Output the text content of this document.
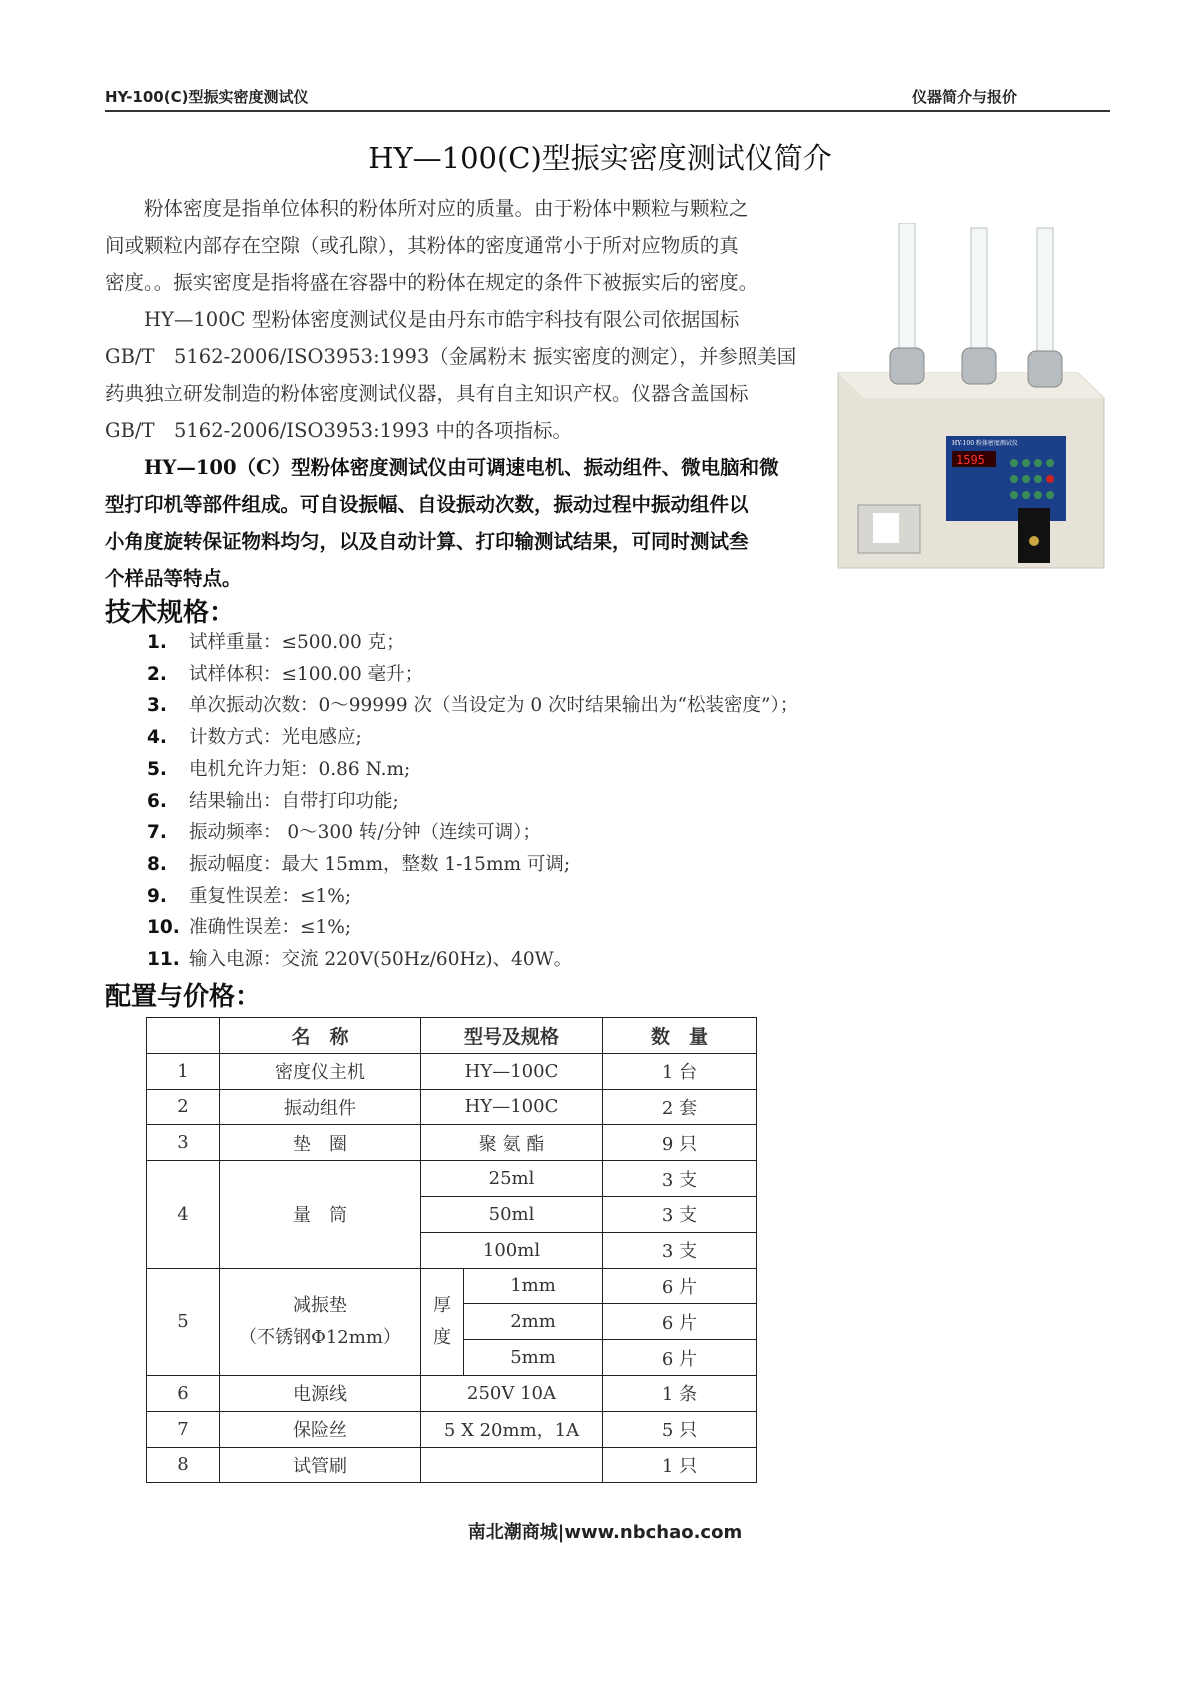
HY-100(C)型振实密度测试仪	仪器简介与报价
HY—100(C)型振实密度测试仪简介
　　粉体密度是指单位体积的粉体所对应的质量。由于粉体中颗粒与颗粒之
间或颗粒内部存在空隙（或孔隙），其粉体的密度通常小于所对应物质的真
密度。。振实密度是指将盛在容器中的粉体在规定的条件下被振实后的密度。
　　HY—100C 型粉体密度测试仪是由丹东市皓宇科技有限公司依据国标
GB/T　5162-2006/ISO3953:1993（金属粉末 振实密度的测定），并参照美国
药典独立研发制造的粉体密度测试仪器，具有自主知识产权。仪器含盖国标
GB/T　5162-2006/ISO3953:1993 中的各项指标。
　　HY—100（C）型粉体密度测试仪由可调速电机、振动组件、微电脑和微
型打印机等部件组成。可自设振幅、自设振动次数，振动过程中振动组件以
小角度旋转保证物料均匀，以及自动计算、打印输测试结果，可同时测试叁
个样品等特点。
HY-100 粉体密度测试仪
1595
技术规格：
1. 试样重量：≤500.00 克；
2. 试样体积：≤100.00 毫升；
3. 单次振动次数：0～99999 次（当设定为 0 次时结果输出为“松装密度”）；
4. 计数方式：光电感应;
5. 电机允许力矩：0.86 N.m;
6. 结果输出：自带打印功能;
7. 振动频率： 0～300 转/分钟（连续可调）；
8. 振动幅度：最大 15mm，整数 1-15mm 可调;
9. 重复性误差：≤1%;
10. 准确性误差：≤1%;
11. 输入电源：交流 220V(50Hz/60Hz)、40W。
配置与价格：
	名　称	型号及规格		数　量
1	密度仪主机	HY—100C		1 台
2	振动组件	HY—100C		2 套
3	垫　圈	聚 氨 酯		9 只
4	量　筒	25ml		3 支
		50ml		3 支
		100ml		3 支
5	减振垫
（不锈钢Φ12mm）	厚度	1mm	6 片
			2mm	6 片
			5mm	6 片
6	电源线	250V 10A		1 条
7	保险丝	5 X 20mm，1A		5 只
8	试管刷			1 只
南北潮商城|www.nbchao.com
